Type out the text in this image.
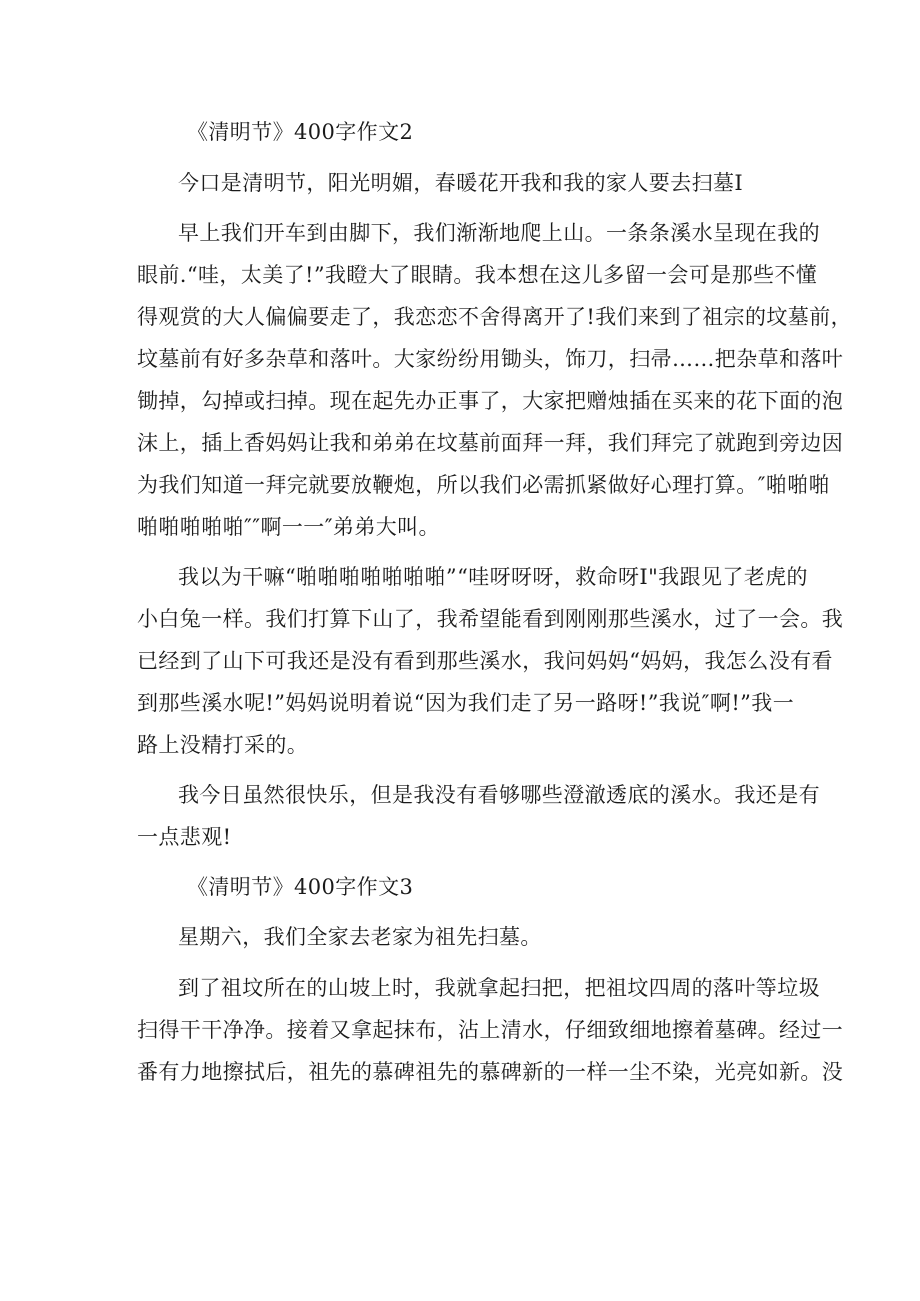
《清明节》400字作文2
今口是清明节，阳光明媚，春暖花开我和我的家人要去扫墓I
早上我们开车到由脚下，我们渐渐地爬上山。一条条溪水呈现在我的
眼前.“哇，太美了!”我瞪大了眼睛。我本想在这儿多留一会可是那些不懂
得观赏的大人偏偏要走了，我恋恋不舍得离开了!我们来到了祖宗的坟墓前，
坟墓前有好多杂草和落叶。大家纷纷用锄头，饰刀，扫帚……把杂草和落叶
锄掉，勾掉或扫掉。现在起先办正事了，大家把赠烛插在买来的花下面的泡
沫上，插上香妈妈让我和弟弟在坟墓前面拜一拜，我们拜完了就跑到旁边因
为我们知道一拜完就要放鞭炮，所以我们必需抓紧做好心理打算。″啪啪啪
啪啪啪啪啪″″啊一一″弟弟大叫。
我以为干嘛“啪啪啪啪啪啪啪”“哇呀呀呀，救命呀I"我跟见了老虎的
小白兔一样。我们打算下山了，我希望能看到刚刚那些溪水，过了一会。我
已经到了山下可我还是没有看到那些溪水，我问妈妈“妈妈，我怎么没有看
到那些溪水呢!”妈妈说明着说“因为我们走了另一路呀!”我说″啊!”我一
路上没精打采的。
我今日虽然很快乐，但是我没有看够哪些澄澈透底的溪水。我还是有
一点悲观!
《清明节》400字作文3
星期六，我们全家去老家为祖先扫墓。
到了祖坟所在的山坡上时，我就拿起扫把，把祖坟四周的落叶等垃圾
扫得干干净净。接着又拿起抹布，沾上清水，仔细致细地擦着墓碑。经过一
番有力地擦拭后，祖先的慕碑祖先的慕碑新的一样一尘不染，光亮如新。没
